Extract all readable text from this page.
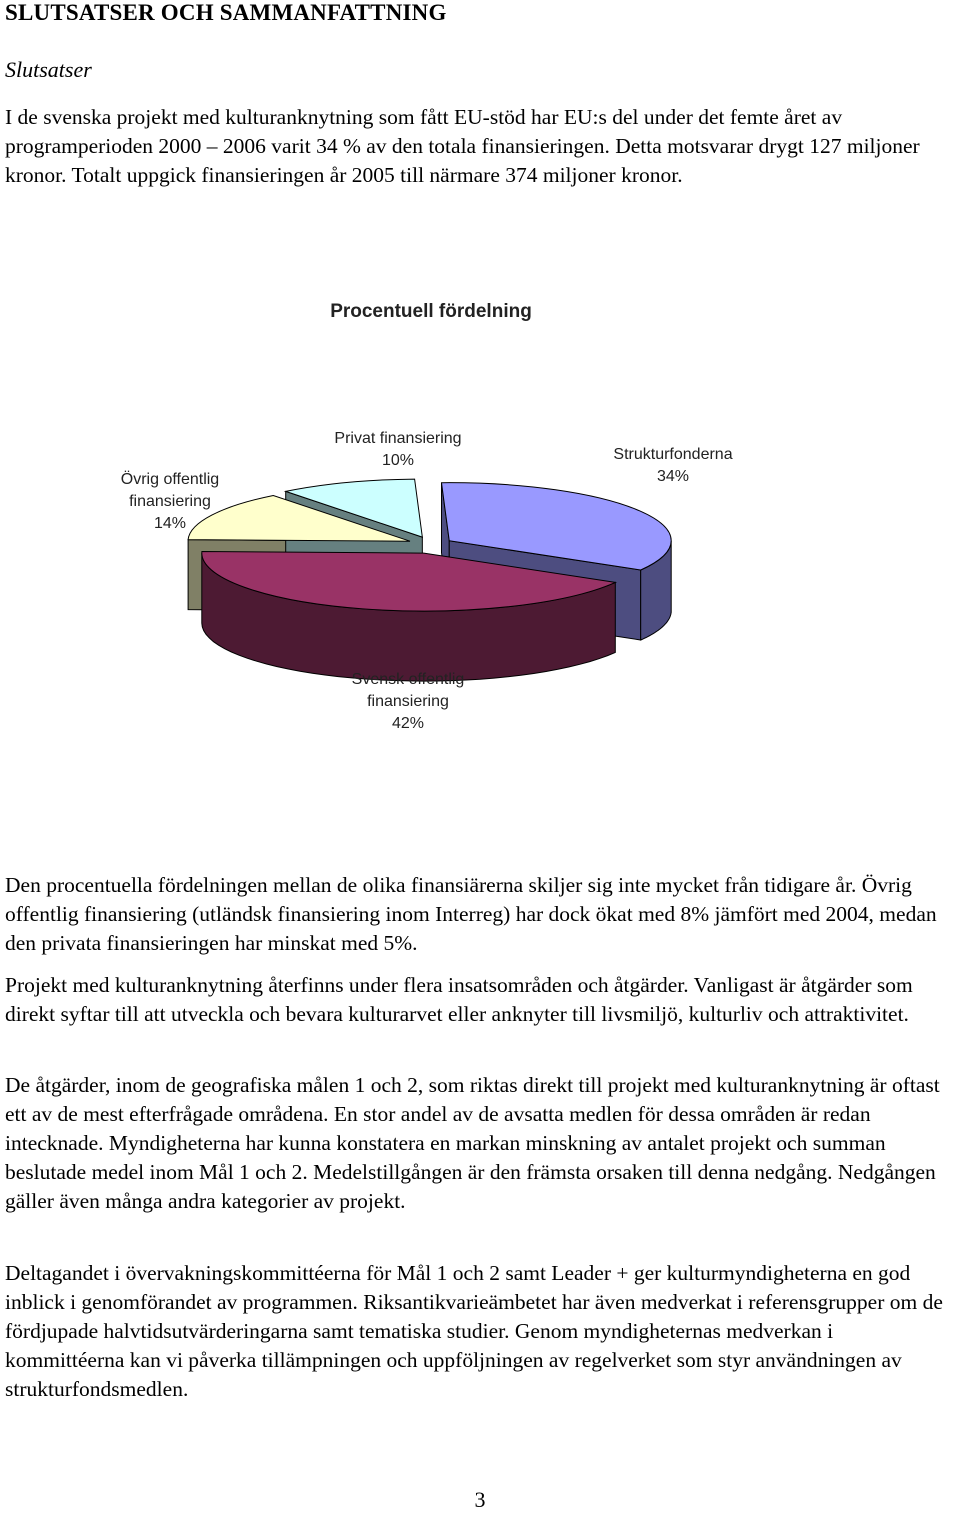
SLUTSATSER OCH SAMMANFATTNING
Slutsatser

I de svenska projekt med kulturanknytning som fått EU-stöd har EU:s del under det femte året av programperioden 2000 – 2006 varit 34 % av den totala finansieringen. Detta motsvarar drygt 127 miljoner kronor. Totalt uppgick finansieringen år 2005 till närmare 374 miljoner kronor.

Procentuell fördelning
Strukturfonderna 34%
Svensk offentlig finansiering 42%
Övrig offentlig finansiering 14%
Privat finansiering 10%

Den procentuella fördelningen mellan de olika finansiärerna skiljer sig inte mycket från tidigare år. Övrig offentlig finansiering (utländsk finansiering inom Interreg) har dock ökat med 8% jämfört med 2004, medan den privata finansieringen har minskat med 5%.

Projekt med kulturanknytning återfinns under flera insatsområden och åtgärder. Vanligast är åtgärder som direkt syftar till att utveckla och bevara kulturarvet eller anknyter till livsmiljö, kulturliv och attraktivitet.

De åtgärder, inom de geografiska målen 1 och 2, som riktas direkt till projekt med kulturanknytning är oftast ett av de mest efterfrågade områdena. En stor andel av de avsatta medlen för dessa områden är redan intecknade. Myndigheterna har kunna konstatera en markan minskning av antalet projekt och summan beslutade medel inom Mål 1 och 2. Medelstillgången är den främsta orsaken till denna nedgång. Nedgången gäller även många andra kategorier av projekt.

Deltagandet i övervakningskommittéerna för Mål 1 och 2 samt Leader + ger kulturmyndigheterna en god inblick i genomförandet av programmen. Riksantikvarieämbetet har även medverkat i referensgrupper om de fördjupade halvtidsutvärderingarna samt tematiska studier. Genom myndigheternas medverkan i kommittéerna kan vi påverka tillämpningen och uppföljningen av regelverket som styr användningen av strukturfondsmedlen.

3
